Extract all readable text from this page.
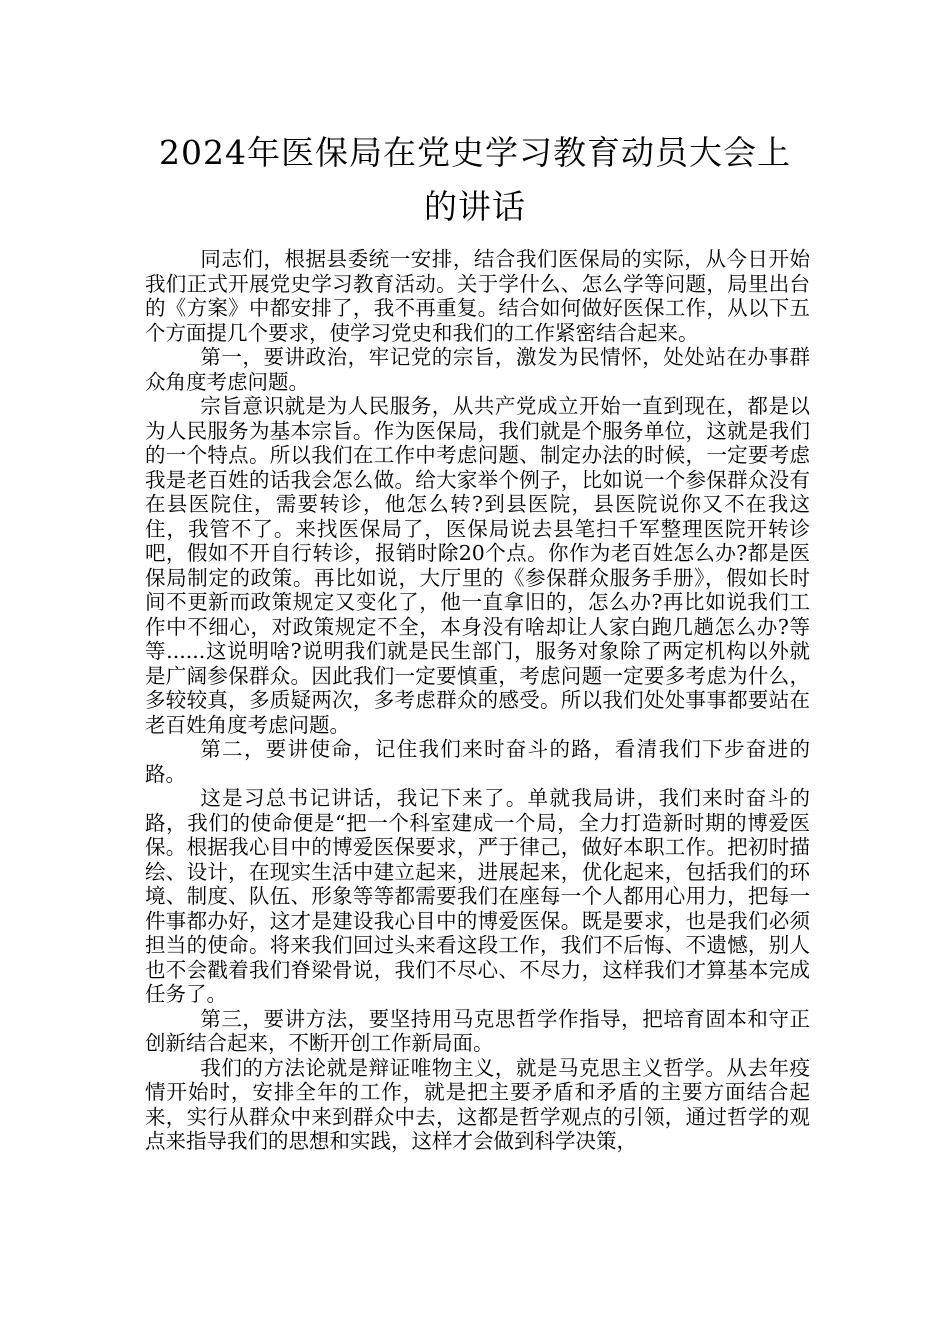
2024年医保局在党史学习教育动员大会上
的讲话

同志们，根据县委统一安排，结合我们医保局的实际，从今日开始我们正式开展党史学习教育活动。关于学什么、怎么学等问题，局里出台的《方案》中都安排了，我不再重复。结合如何做好医保工作，从以下五个方面提几个要求，使学习党史和我们的工作紧密结合起来。

第一，要讲政治，牢记党的宗旨，激发为民情怀，处处站在办事群众角度考虑问题。

宗旨意识就是为人民服务，从共产党成立开始一直到现在，都是以为人民服务为基本宗旨。作为医保局，我们就是个服务单位，这就是我们的一个特点。所以我们在工作中考虑问题、制定办法的时候，一定要考虑我是老百姓的话我会怎么做。给大家举个例子，比如说一个参保群众没有在县医院住，需要转诊，他怎么转?到县医院，县医院说你又不在我这住，我管不了。来找医保局了，医保局说去县笔扫千军整理医院开转诊吧，假如不开自行转诊，报销时除20个点。你作为老百姓怎么办?都是医保局制定的政策。再比如说，大厅里的《参保群众服务手册》，假如长时间不更新而政策规定又变化了，他一直拿旧的，怎么办?再比如说我们工作中不细心，对政策规定不全，本身没有啥却让人家白跑几趟怎么办?等等......这说明啥?说明我们就是民生部门，服务对象除了两定机构以外就是广阔参保群众。因此我们一定要慎重，考虑问题一定要多考虑为什么，多较较真，多质疑两次，多考虑群众的感受。所以我们处处事事都要站在老百姓角度考虑问题。

第二，要讲使命，记住我们来时奋斗的路，看清我们下步奋进的路。

这是习总书记讲话，我记下来了。单就我局讲，我们来时奋斗的路，我们的使命便是“把一个科室建成一个局，全力打造新时期的博爱医保。根据我心目中的博爱医保要求，严于律己，做好本职工作。把初时描绘、设计，在现实生活中建立起来，进展起来，优化起来，包括我们的环境、制度、队伍、形象等等都需要我们在座每一个人都用心用力，把每一件事都办好，这才是建设我心目中的博爱医保。既是要求，也是我们必须担当的使命。将来我们回过头来看这段工作，我们不后悔、不遗憾，别人也不会戳着我们脊梁骨说，我们不尽心、不尽力，这样我们才算基本完成任务了。

第三，要讲方法，要坚持用马克思哲学作指导，把培育固本和守正创新结合起来，不断开创工作新局面。

我们的方法论就是辩证唯物主义，就是马克思主义哲学。从去年疫情开始时，安排全年的工作，就是把主要矛盾和矛盾的主要方面结合起来，实行从群众中来到群众中去，这都是哲学观点的引领，通过哲学的观点来指导我们的思想和实践，这样才会做到科学决策，
